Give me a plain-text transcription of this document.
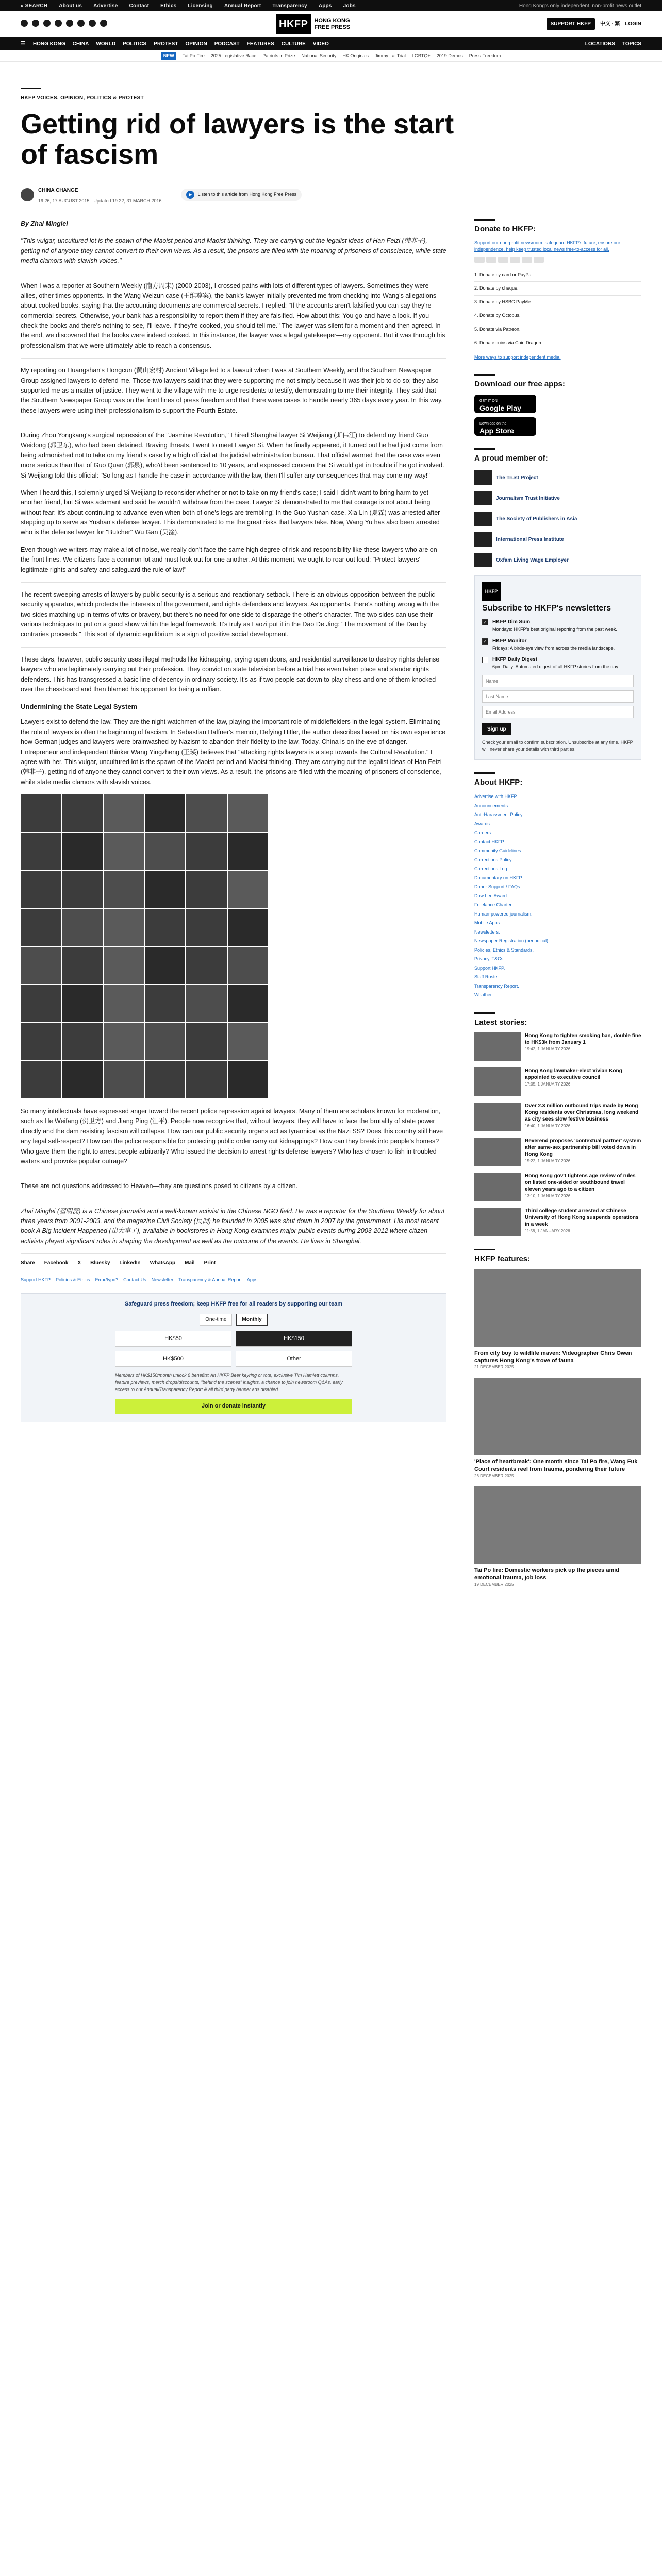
⌕ SEARCH About us Advertise Contact Ethics Licensing Annual Report Transparency Apps Jobs	Hong Kong's only independent, non-profit news outlet
HKFP	HONG KONG
FREE PRESS
SUPPORT HKFP	中文 ∙ 繁 LOGIN
☰ HONG KONG CHINA WORLD POLITICS PROTEST OPINION PODCAST FEATURES CULTURE VIDEO	LOCATIONS TOPICS
NEW	Tai Po Fire 2025 Legislative Race Patriots in Prize National Security HK Originals Jimmy Lai Trial LGBTQ+ 2019 Demos Press Freedom
HKFP VOICES, OPINION, POLITICS & PROTEST
Getting rid of lawyers is the start of fascism
CHINA CHANGE
19:26, 17 AUGUST 2015 · Updated 19:22, 31 MARCH 2016
▶	Listen to this article from Hong Kong Free Press

By Zhai Minglei

"This vulgar, uncultured lot is the spawn of the Maoist period and Maoist thinking. They are carrying out the legalist ideas of Han Feizi (韩非子), getting rid of anyone they cannot convert to their own views. As a result, the prisons are filled with the moaning of prisoners of conscience, while state media clamors with slavish voices."

When I was a reporter at Southern Weekly (南方周末) (2000-2003), I crossed paths with lots of different types of lawyers. Sometimes they were allies, other times opponents. In the Wang Weizun case (王维尊案), the bank's lawyer initially prevented me from checking into Wang's allegations about cooked books, saying that the accounting documents are commercial secrets. I replied: "If the accounts aren't falsified you can say they're commercial secrets. Otherwise, your bank has a responsibility to report them if they are falsified. How about this: You go and have a look. If you check the books and there's nothing to see, I'll leave. If they're cooked, you should tell me." The lawyer was silent for a moment and then agreed. In the end, we discovered that the books were indeed cooked. In this instance, the lawyer was a legal gatekeeper—my opponent. But it was through his professionalism that we were ultimately able to reach a consensus.

My reporting on Huangshan's Hongcun (黄山宏村) Ancient Village led to a lawsuit when I was at Southern Weekly, and the Southern Newspaper Group assigned lawyers to defend me. Those two lawyers said that they were supporting me not simply because it was their job to do so; they also supported me as a matter of justice. They went to the village with me to urge residents to testify, demonstrating to me their integrity. They said that the Southern Newspaper Group was on the front lines of press freedom and that there were cases to handle nearly 365 days every year. In this way, these lawyers were using their professionalism to support the Fourth Estate.

During Zhou Yongkang's surgical repression of the "Jasmine Revolution," I hired Shanghai lawyer Si Weijiang (斯伟江) to defend my friend Guo Weidong (郭卫东), who had been detained. Braving threats, I went to meet Lawyer Si. When he finally appeared, it turned out he had just come from being admonished not to take on my friend's case by a high official at the judicial administration bureau. That official warned that the case was even more serious than that of Guo Quan (郭泉), who'd been sentenced to 10 years, and expressed concern that Si would get in trouble if he got involved. Si Weijiang told this official: "So long as I handle the case in accordance with the law, then I'll suffer any consequences that may come my way!"

When I heard this, I solemnly urged Si Weijiang to reconsider whether or not to take on my friend's case; I said I didn't want to bring harm to yet another friend, but Si was adamant and said he wouldn't withdraw from the case. Lawyer Si demonstrated to me that courage is not about being without fear: it's about continuing to advance even when both of one's legs are trembling! In the Guo Yushan case, Xia Lin (夏霖) was arrested after stepping up to serve as Yushan's defense lawyer. This demonstrated to me the great risks that lawyers take. Now, Wang Yu has also been arrested who is the defense lawyer for "Butcher" Wu Gan (吴淦).

Even though we writers may make a lot of noise, we really don't face the same high degree of risk and responsibility like these lawyers who are on the front lines. We citizens face a common lot and must look out for one another. At this moment, we ought to roar out loud: "Protect lawyers' legitimate rights and safety and safeguard the rule of law!"

The recent sweeping arrests of lawyers by public security is a serious and reactionary setback. There is an obvious opposition between the public security apparatus, which protects the interests of the government, and rights defenders and lawyers. As opponents, there's nothing wrong with the two sides matching up in terms of wits or bravery, but there's no need for one side to disparage the other's character. The two sides can use their various techniques to put on a good show within the legal framework. It's truly as Laozi put it in the Dao De Jing: "The movement of the Dao by contraries proceeds." This sort of dynamic equilibrium is a sign of positive social development.

These days, however, public security uses illegal methods like kidnapping, prying open doors, and residential surveillance to destroy rights defense lawyers who are legitimately carrying out their profession. They convict on state television before a trial has even taken place and slander rights defenders. This has transgressed a basic line of decency in ordinary society. It's as if two people sat down to play chess and one of them knocked over the chessboard and then blamed his opponent for being a ruffian.

Undermining the State Legal System

Lawyers exist to defend the law. They are the night watchmen of the law, playing the important role of middlefielders in the legal system. Eliminating the role of lawyers is often the beginning of fascism. In Sebastian Haffner's memoir, Defying Hitler, the author describes based on his own experience how German judges and lawyers were brainwashed by Nazism to abandon their fidelity to the law. Today, China is on the eve of danger. Entrepreneur and independent thinker Wang Yingzheng (王瑛) believes that "attacking rights lawyers is a step towards the Cultural Revolution." I agree with her. This vulgar, uncultured lot is the spawn of the Maoist period and Maoist thinking. They are carrying out the legalist ideas of Han Feizi (韩非子), getting rid of anyone they cannot convert to their own views. As a result, the prisons are filled with the moaning of prisoners of conscience, while state media clamors with slavish voices.

So many intellectuals have expressed anger toward the recent police repression against lawyers. Many of them are scholars known for moderation, such as He Weifang (贺卫方) and Jiang Ping (江平). People now recognize that, without lawyers, they will have to face the brutality of state power directly and the dam resisting fascism will collapse. How can our public security organs act as tyrannical as the Nazi SS? Does this country still have any legal self-respect? How can the police responsible for protecting public order carry out kidnappings? How can they break into people's homes? Who gave them the right to arrest people arbitrarily? Who issued the decision to arrest rights defense lawyers? Who has chosen to fish in troubled waters and provoke popular outrage?

These are not questions addressed to Heaven—they are questions posed to citizens by a citizen.

Zhai Minglei (翟明磊) is a Chinese journalist and a well-known activist in the Chinese NGO field. He was a reporter for the Southern Weekly for about three years from 2001-2003, and the magazine Civil Society (民间) he founded in 2005 was shut down in 2007 by the government. His most recent book A Big Incident Happened (出大事了), available in bookstores in Hong Kong examines major public events during 2003-2012 where citizen activists played significant roles in shaping the development as well as the outcome of the events. He lives in Shanghai.

Share Facebook X Bluesky LinkedIn WhatsApp Mail Print
Support HKFP Policies & Ethics Error/typo? Contact Us Newsletter Transparency & Annual Report Apps
Safeguard press freedom; keep HKFP free for all readers by supporting our team
One-time	Monthly
HK$50	HK$150
HK$500	Other
Members of HK$150/month unlock 8 benefits: An HKFP Beer keyring or tote, exclusive Tim Hamlett columns, feature previews, merch drops/discounts, "behind the scenes" insights, a chance to join newsroom Q&As, early access to our Annual/Transparency Report & all third party banner ads disabled.
Join or donate instantly
Donate to HKFP:
Support our non-profit newsroom: safeguard HKFP's future, ensure our independence, help keep trusted local news free-to-access for all.
1. Donate by card or PayPal.
2. Donate by cheque.
3. Donate by HSBC PayMe.
4. Donate by Octopus.
5. Donate via Patreon.
6. Donate coins via Coin Dragon.
More ways to support independent media.
Download our free apps:
GET IT ON
Google Play
Download on the
App Store
A proud member of:
The Trust Project
Journalism Trust Initiative
The Society of Publishers in Asia
International Press Institute
Oxfam Living Wage Employer
HKFP
Subscribe to HKFP's newsletters
✓ HKFP Dim Sum
Mondays: HKFP's best original reporting from the past week.
✓ HKFP Monitor
Fridays: A birds-eye view from across the media landscape.
HKFP Daily Digest
6pm Daily: Automated digest of all HKFP stories from the day.
Name
Last Name
Email Address Sign up
Check your email to confirm subscription. Unsubscribe at any time. HKFP will never share your details with third parties.
About HKFP:
Advertise with HKFP.
Announcements.
Anti-Harassment Policy.
Awards.
Careers.
Contact HKFP.
Community Guidelines.
Corrections Policy.
Corrections Log.
Documentary on HKFP.
Donor Support / FAQs.
Dow Lee Award.
Freelance Charter.
Human-powered journalism.
Mobile Apps.
Newsletters.
Newspaper Registration (periodical).
Policies, Ethics & Standards.
Privacy, T&Cs.
Support HKFP.
Staff Roster.
Transparency Report.
Weather.
Latest stories:
Hong Kong to tighten smoking ban, double fine to HK$3k from January 1
19:42, 1 JANUARY 2026
Hong Kong lawmaker-elect Vivian Kong appointed to executive council
17:05, 1 JANUARY 2026
Over 2.3 million outbound trips made by Hong Kong residents over Christmas, long weekend as city sees slow festive business
16:40, 1 JANUARY 2026
Reverend proposes 'contextual partner' system after same-sex partnership bill voted down in Hong Kong
15:22, 1 JANUARY 2026
Hong Kong gov't tightens age review of rules on listed one-sided or southbound travel eleven years ago to a citizen
13:10, 1 JANUARY 2026
Third college student arrested at Chinese University of Hong Kong suspends operations in a week
11:58, 1 JANUARY 2026
HKFP features:
From city boy to wildlife maven: Videographer Chris Owen captures Hong Kong's trove of fauna
21 DECEMBER 2025
'Place of heartbreak': One month since Tai Po fire, Wang Fuk Court residents reel from trauma, pondering their future
26 DECEMBER 2025
Tai Po fire: Domestic workers pick up the pieces amid emotional trauma, job loss
19 DECEMBER 2025
